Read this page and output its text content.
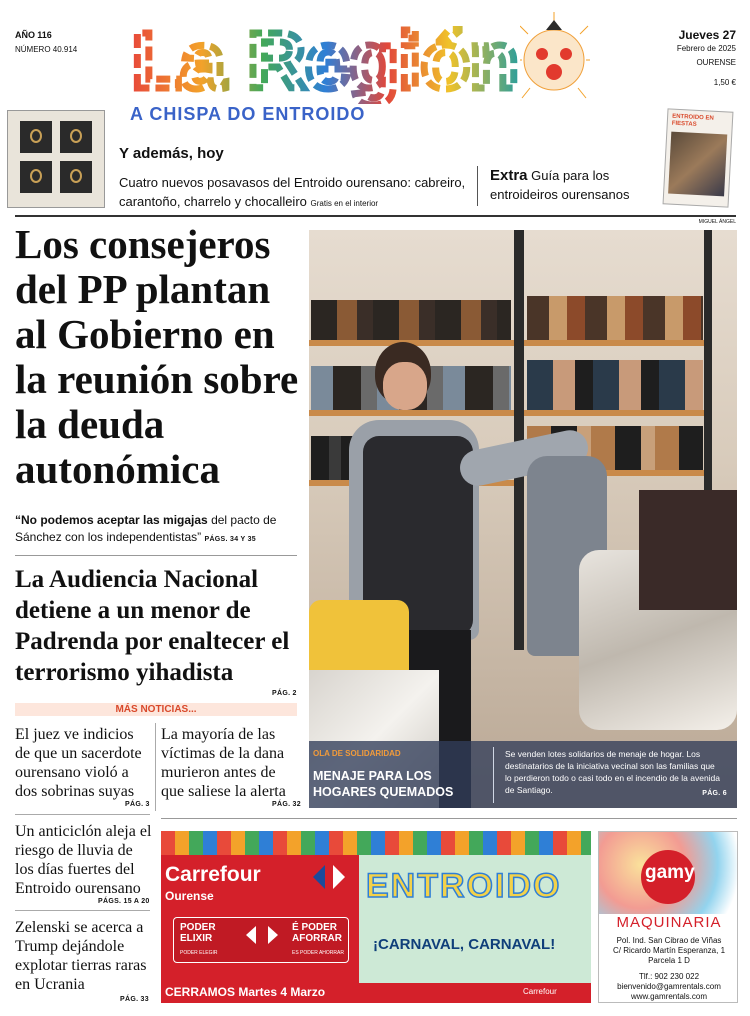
AÑO 116
NÚMERO 40.914 La Región
A CHISPA DO ENTROIDO
Jueves 27
Febrero de 2025
OURENSE
1,50 €
Y además, hoy
Cuatro nuevos posavasos del Entroido ourensano: cabreiro, carantoño, charrelo y chocalleiro Gratis en el interior
Extra Guía para los entroideiros ourensanos
ENTROIDO EN FIESTAS
MIGUEL ÁNGEL
Los consejeros del PP plantan al Gobierno en la reunión sobre la deuda autonómica
“No podemos aceptar las migajas del pacto de Sánchez con los independentistas” PÁGS. 34 Y 35
La Audiencia Nacional detiene a un menor de Padrenda por enaltecer el terrorismo yihadista
PÁG. 2
MÁS NOTICIAS...
El juez ve indicios de que un sacerdote ourensano violó a dos sobrinas suyas
PÁG. 3
La mayoría de las víctimas de la dana murieron antes de que saliese la alerta
PÁG. 32
Un anticiclón aleja el riesgo de lluvia de los días fuertes del Entroido ourensano
PÁGS. 15 A 20
Zelenski se acerca a Trump dejándole explotar tierras raras en Ucrania
PÁG. 33
OLA DE SOLIDARIDAD
MENAJE PARA LOS HOGARES QUEMADOS
Se venden lotes solidarios de menaje de hogar. Los destinatarios de la iniciativa vecinal son las familias que lo perdieron todo o casi todo en el incendio de la avenida de Santiago.	PÁG. 6
Carrefour
Ourense
PODER
ELIXIR
É PODER
AFORRAR
PODER ELEGIR	ES PODER AHORRAR
ENTROIDO
¡CARNAVAL, CARNAVAL!
CERRAMOS Martes 4 Marzo	Carrefour
gamy
MAQUINARIA
Pol. Ind. San Cibrao de Viñas
C/ Ricardo Martín Esperanza, 1
Parcela 1 D
Tlf.: 902 230 022
bienvenido@gamrentals.com
www.gamrentals.com
